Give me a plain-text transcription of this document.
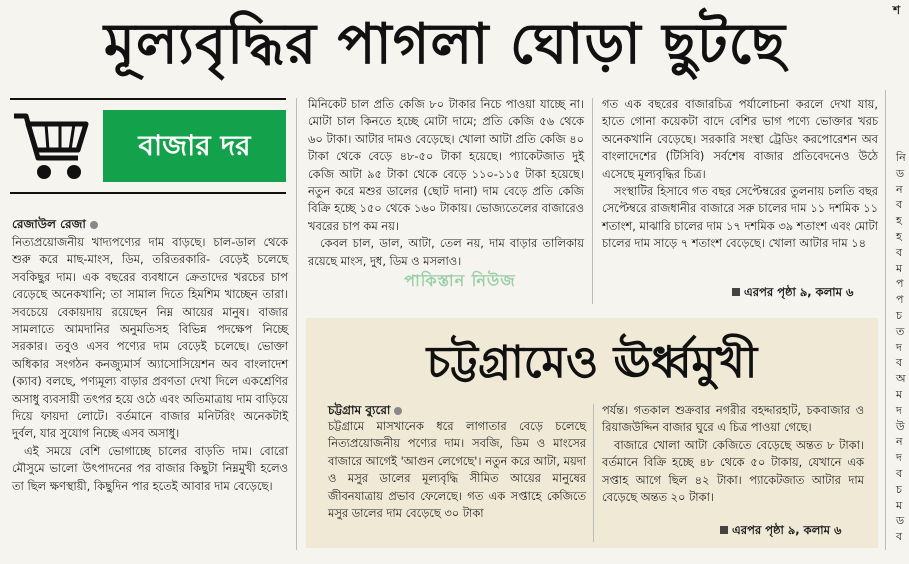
মূল্যবৃদ্ধির পাগলা ঘোড়া ছুটছে
শ
নি
ড
ন
ব
হ
হ
ব
ম
প
প
চ
ত
দ
ব
অ
ম
দ
উ
ন
দ
ব
চ
ম
ড
ব
বাজার দর
রেজাউল রেজা

নিত্যপ্রয়োজনীয় খাদ্যপণ্যের দাম বাড়ছে। চাল-ডাল থেকে শুরু করে মাছ-মাংস, ডিম, তরিতরকারি- বেড়েই চলেছে সবকিছুর দাম। এক বছরের ব্যবধানে ক্রেতাদের খরচের চাপ বেড়েছে অনেকখানি; তা সামাল দিতে হিমশিম খাচ্ছেন তারা। সবচেয়ে বেকায়দায় রয়েছেন নিম্ন আয়ের মানুষ। বাজার সামলাতে আমদানির অনুমতিসহ বিভিন্ন পদক্ষেপ নিচ্ছে সরকার। তবুও এসব পণ্যের দাম বেড়েই চলেছে। ভোক্তা অধিকার সংগঠন কনজ্যুমার্স অ্যাসোসিয়েশন অব বাংলাদেশ (ক্যাব) বলছে, পণ্যমূল্য বাড়ার প্রবণতা দেখা দিলে একশ্রেণির অসাধু ব্যবসায়ী তৎপর হয়ে ওঠে এবং অতিমাত্রায় দাম বাড়িয়ে দিয়ে ফায়দা লোটে। বর্তমানে বাজার মনিটরিং অনেকটাই দুর্বল, যার সুযোগ নিচ্ছে এসব অসাধু।

এই সময়ে বেশি ভোগাচ্ছে চালের বাড়তি দাম। বোরো মৌসুমে ভালো উৎপাদনের পর বাজার কিছুটা নিম্নমুখী হলেও তা ছিল ক্ষণস্থায়ী, কিছুদিন পার হতেই আবার দাম বেড়েছে।

মিনিকেট চাল প্রতি কেজি ৮০ টাকার নিচে পাওয়া যাচ্ছে না। মোটা চাল কিনতে হচ্ছে মোটা দামে; প্রতি কেজি ৫৬ থেকে ৬০ টাকা। আটার দামও বেড়েছে। খোলা আটা প্রতি কেজি ৪০ টাকা থেকে বেড়ে ৪৮-৫০ টাকা হয়েছে। প্যাকেটজাত দুই কেজি আটা ৯৫ টাকা থেকে বেড়ে ১১০-১১৫ টাকা হয়েছে। নতুন করে মশুর ডালের (ছোট দানা) দাম বেড়ে প্রতি কেজি বিক্রি হচ্ছে ১৫০ থেকে ১৬০ টাকায়। ভোজ্যতেলের বাজারেও খবরের চাপ কম নয়।

কেবল চাল, ডাল, আটা, তেল নয়, দাম বাড়ার তালিকায় রয়েছে মাংস, দুধ, ডিম ও মসলাও।

গত এক বছরের বাজারচিত্র পর্যালোচনা করলে দেখা যায়, হাতে গোনা কয়েকটা বাদে বেশির ভাগ পণ্যে ভোক্তার খরচ অনেকখানি বেড়েছে। সরকারি সংস্থা ট্রেডিং করপোরেশন অব বাংলাদেশের (টিসিবি) সর্বশেষ বাজার প্রতিবেদনেও উঠে এসেছে মূল্যবৃদ্ধির চিত্র।

সংস্থাটির হিসাবে গত বছর সেপ্টেম্বরের তুলনায় চলতি বছর সেপ্টেম্বরে রাজধানীর বাজারে সরু চালের দাম ১১ দশমিক ১১ শতাংশ, মাঝারি চালের দাম ১৭ দশমিক ৩৯ শতাংশ এবং মোটা চালের দাম সাড়ে ৭ শতাংশ বেড়েছে। খোলা আটার দাম ১৪

এরপর পৃষ্ঠা ৯, কলাম ৬
পাকিস্তান নিউজ
চট্টগ্রামেও ঊর্ধ্বমুখী
চট্টগ্রাম ব্যুরো
চট্টগ্রামে মাসখানেক ধরে লাগাতার বেড়ে চলেছে নিত্যপ্রয়োজনীয় পণ্যের দাম। সবজি, ডিম ও মাংসের বাজারে আগেই 'আগুন লেগেছে'। নতুন করে আটা, ময়দা ও মসুর ডালের মূল্যবৃদ্ধি সীমিত আয়ের মানুষের জীবনযাত্রায় প্রভাব ফেলেছে। গত এক সপ্তাহে কেজিতে মসুর ডালের দাম বেড়েছে ৩০ টাকা

পর্যন্ত। গতকাল শুক্রবার নগরীর বহদ্দারহাট, চকবাজার ও রিয়াজউদ্দিন বাজার ঘুরে এ চিত্র পাওয়া গেছে।

বাজারে খোলা আটা কেজিতে বেড়েছে অন্তত ৮ টাকা। বর্তমানে বিক্রি হচ্ছে ৪৮ থেকে ৫০ টাকায়, যেখানে এক সপ্তাহ আগে ছিল ৪২ টাকা। প্যাকেটজাত আটার দাম বেড়েছে অন্তত ২০ টাকা।

এরপর পৃষ্ঠা ৯, কলাম ৬
